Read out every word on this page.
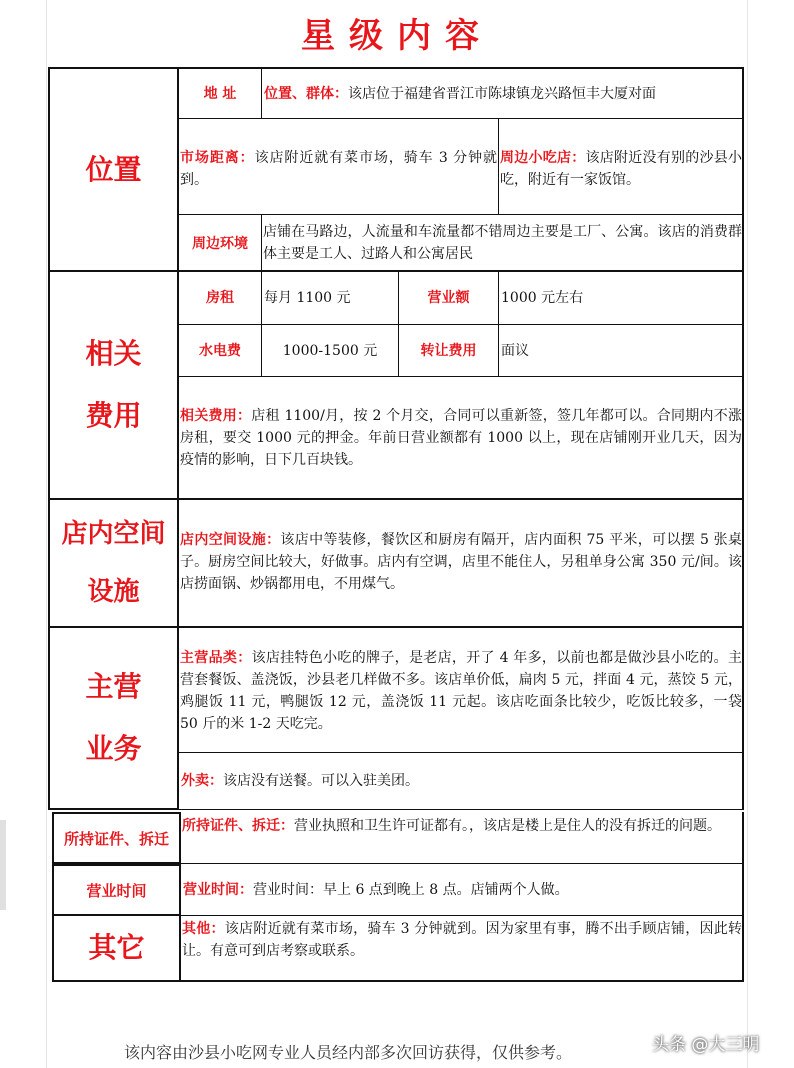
星级内容
位置
地 址	位置、群体：该店位于福建省晋江市陈埭镇龙兴路恒丰大厦对面
市场距离：该店附近就有菜市场，骑车 3 分钟就到。
周边小吃店：该店附近没有别的沙县小吃，附近有一家饭馆。
周边环境
店铺在马路边，人流量和车流量都不错周边主要是工厂、公寓。该店的消费群体主要是工人、过路人和公寓居民
相关
费用
房租	每月 1100 元	营业额	1000 元左右
水电费	1000-1500 元	转让费用	面议
相关费用：店租 1100/月，按 2 个月交，合同可以重新签，签几年都可以。合同期内不涨房租，要交 1000 元的押金。年前日营业额都有 1000 以上，现在店铺刚开业几天，因为疫情的影响，日下几百块钱。
店内空间
设施
店内空间设施：该店中等装修，餐饮区和厨房有隔开，店内面积 75 平米，可以摆 5 张桌子。厨房空间比较大，好做事。店内有空调，店里不能住人，另租单身公寓 350 元/间。该店捞面锅、炒锅都用电，不用煤气。
主营
业务
主营品类：该店挂特色小吃的牌子，是老店，开了 4 年多，以前也都是做沙县小吃的。主营套餐饭、盖浇饭，沙县老几样做不多。该店单价低，扁肉 5 元，拌面 4 元，蒸饺 5 元，鸡腿饭 11 元，鸭腿饭 12 元，盖浇饭 11 元起。该店吃面条比较少，吃饭比较多，一袋 50 斤的米 1-2 天吃完。
外卖：该店没有送餐。可以入驻美团。
所持证件、拆迁
所持证件、拆迁：营业执照和卫生许可证都有。，该店是楼上是住人的没有拆迁的问题。
营业时间	营业时间：营业时间：早上 6 点到晚上 8 点。店铺两个人做。
其它
其他：该店附近就有菜市场，骑车 3 分钟就到。因为家里有事，腾不出手顾店铺，因此转让。有意可到店考察或联系。
该内容由沙县小吃网专业人员经内部多次回访获得，仅供参考。	头条 @大三明
